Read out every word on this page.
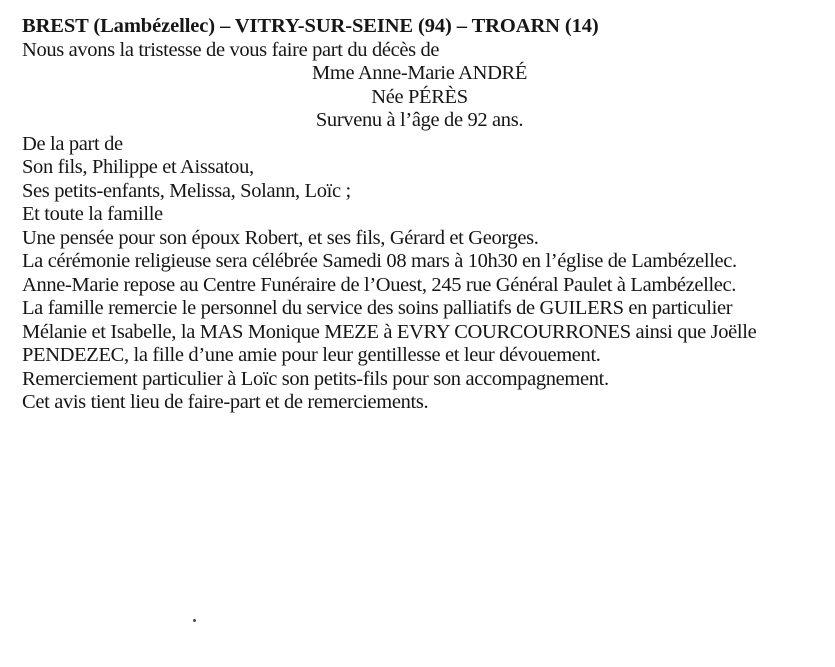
BREST (Lambézellec) – VITRY-SUR-SEINE (94) – TROARN (14)

Nous avons la tristesse de vous faire part du décès de

Mme Anne-Marie ANDRÉ
Née PÉRÈS
Survenu à l’âge de 92 ans.
De la part de
Son fils, Philippe et Aissatou,
Ses petits-enfants, Melissa, Solann, Loïc ;
Et toute la famille

Une pensée pour son époux Robert, et ses fils, Gérard et Georges.

La cérémonie religieuse sera célébrée Samedi 08 mars à 10h30 en l’église de Lambézellec.

Anne-Marie repose au Centre Funéraire de l’Ouest, 245 rue Général Paulet à Lambézellec.

La famille remercie le personnel du service des soins palliatifs de GUILERS en particulier
Mélanie et Isabelle, la MAS Monique MEZE à EVRY COURCOURRONES ainsi que Joëlle
PENDEZEC, la fille d’une amie pour leur gentillesse et leur dévouement.

Remerciement particulier à Loïc son petits-fils pour son accompagnement.

Cet avis tient lieu de faire-part et de remerciements.
